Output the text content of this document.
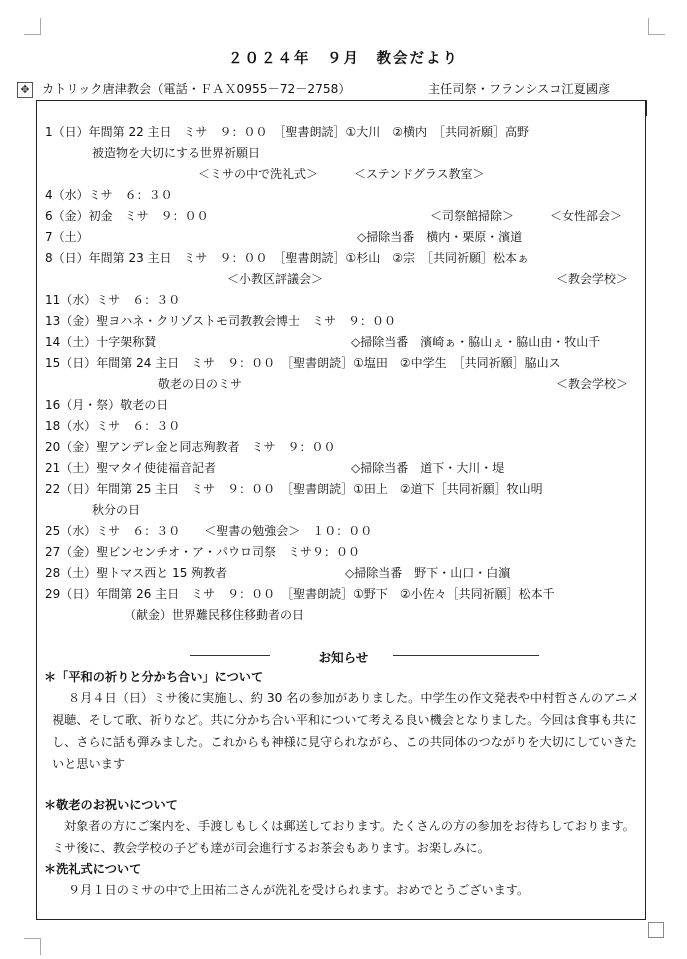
２０２４年　９月　教会だより
✥ カトリック唐津教会（電話・ＦＡＸ0955－72－2758）	主任司祭・フランシスコ江夏國彦
1（日）年間第 22 主日　ミサ　９：００　［聖書朗読］①大川　②横内　［共同祈願］高野
被造物を大切にする世界祈願日
＜ミサの中で洗礼式＞　　　＜ステンドグラス教室＞
4（水）ミサ　６：３０
6（金）初金　ミサ　９：００	＜司祭館掃除＞　　　＜女性部会＞
7（土）	◇掃除当番　横内・栗原・濱道
8（日）年間第 23 主日　ミサ　９：００　［聖書朗読］①杉山　②宗　［共同祈願］松本ぁ
＜小教区評議会＞	＜教会学校＞
11（水）ミサ　６：３０
13（金）聖ヨハネ・クリゾストモ司教教会博士　ミサ　９：００
14（土）十字架称賛	◇掃除当番　濱崎ぁ・脇山ぇ・脇山由・牧山千
15（日）年間第 24 主日　ミサ　９：００　［聖書朗読］①塩田　②中学生　［共同祈願］脇山ス
敬老の日のミサ	＜教会学校＞
16（月・祭）敬老の日
18（水）ミサ　６：３０
20（金）聖アンデレ金と同志殉教者　ミサ　９：００
21（土）聖マタイ使徒福音記者	◇掃除当番　道下・大川・堤
22（日）年間第 25 主日　ミサ　９：００　［聖書朗読］①田上　②道下［共同祈願］牧山明
秋分の日
25（水）ミサ　６：３０　　＜聖書の勉強会＞　１０：００
27（金）聖ビンセンチオ・ア・パウロ司祭　ミサ９：００
28（土）聖トマス西と 15 殉教者	◇掃除当番　野下・山口・白濵
29（日）年間第 26 主日　ミサ　９：００　［聖書朗読］①野下　②小佐々［共同祈願］松本千
（献金）世界難民移住移動者の日
お知らせ
＊「平和の祈りと分かち合い」について
８月４日（日）ミサ後に実施し、約 30 名の参加がありました。中学生の作文発表や中村哲さんのアニメ視聴、そして歌、祈りなど。共に分かち合い平和について考える良い機会となりました。今回は食事も共にし、さらに話も弾みました。これからも神様に見守られながら、この共同体のつながりを大切にしていきたいと思います
＊敬老のお祝いについて
対象者の方にご案内を、手渡しもしくは郵送しております。たくさんの方の参加をお待ちしております。ミサ後に、教会学校の子ども達が司会進行するお茶会もあります。お楽しみに。
＊洗礼式について
９月１日のミサの中で上田祐二さんが洗礼を受けられます。おめでとうございます。
